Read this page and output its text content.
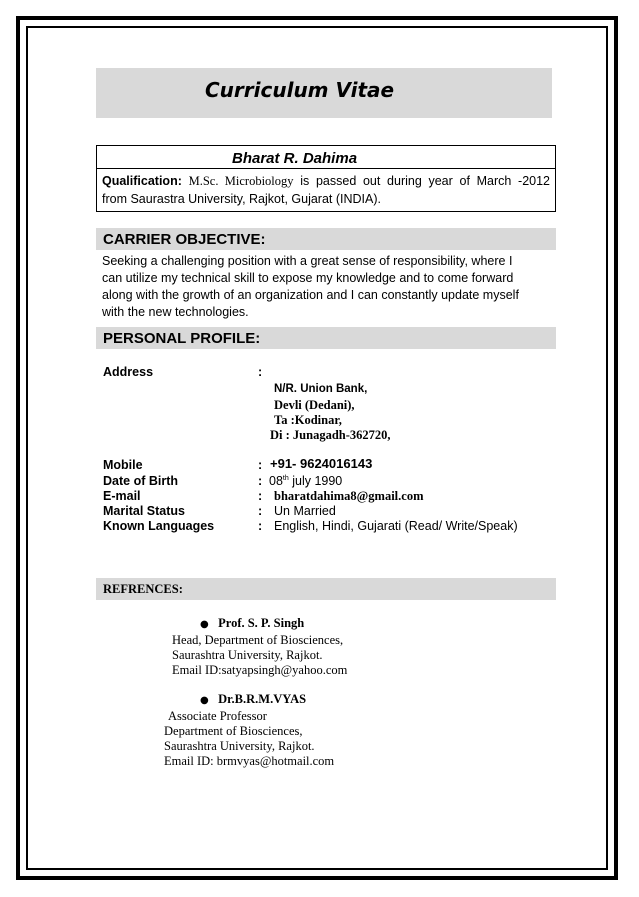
Curriculum Vitae
Bharat R. Dahima
Qualification: M.Sc. Microbiology is passed out during year of March -2012
from Saurastra University, Rajkot, Gujarat (INDIA).
CARRIER OBJECTIVE:
Seeking a challenging position with a great sense of responsibility, where I
can utilize my technical skill to expose my knowledge and to come forward
along with the growth of an organization and I can constantly update myself
with the new technologies.
PERSONAL PROFILE:
Address	:
N/R. Union Bank,
Devli (Dedani),
Ta :Kodinar,
Di : Junagadh-362720,
Mobile	: +91- 9624016143
Date of Birth	: 08th july 1990
E-mail	: bharatdahima8@gmail.com
Marital Status	: Un Married
Known Languages	: English, Hindi, Gujarati (Read/ Write/Speak)
REFRENCES:
● Prof. S. P. Singh
Head, Department of Biosciences,
Saurashtra University, Rajkot.
Email ID:satyapsingh@yahoo.com
● Dr.B.R.M.VYAS
Associate Professor
Department of Biosciences,
Saurashtra University, Rajkot.
Email ID: brmvyas@hotmail.com
